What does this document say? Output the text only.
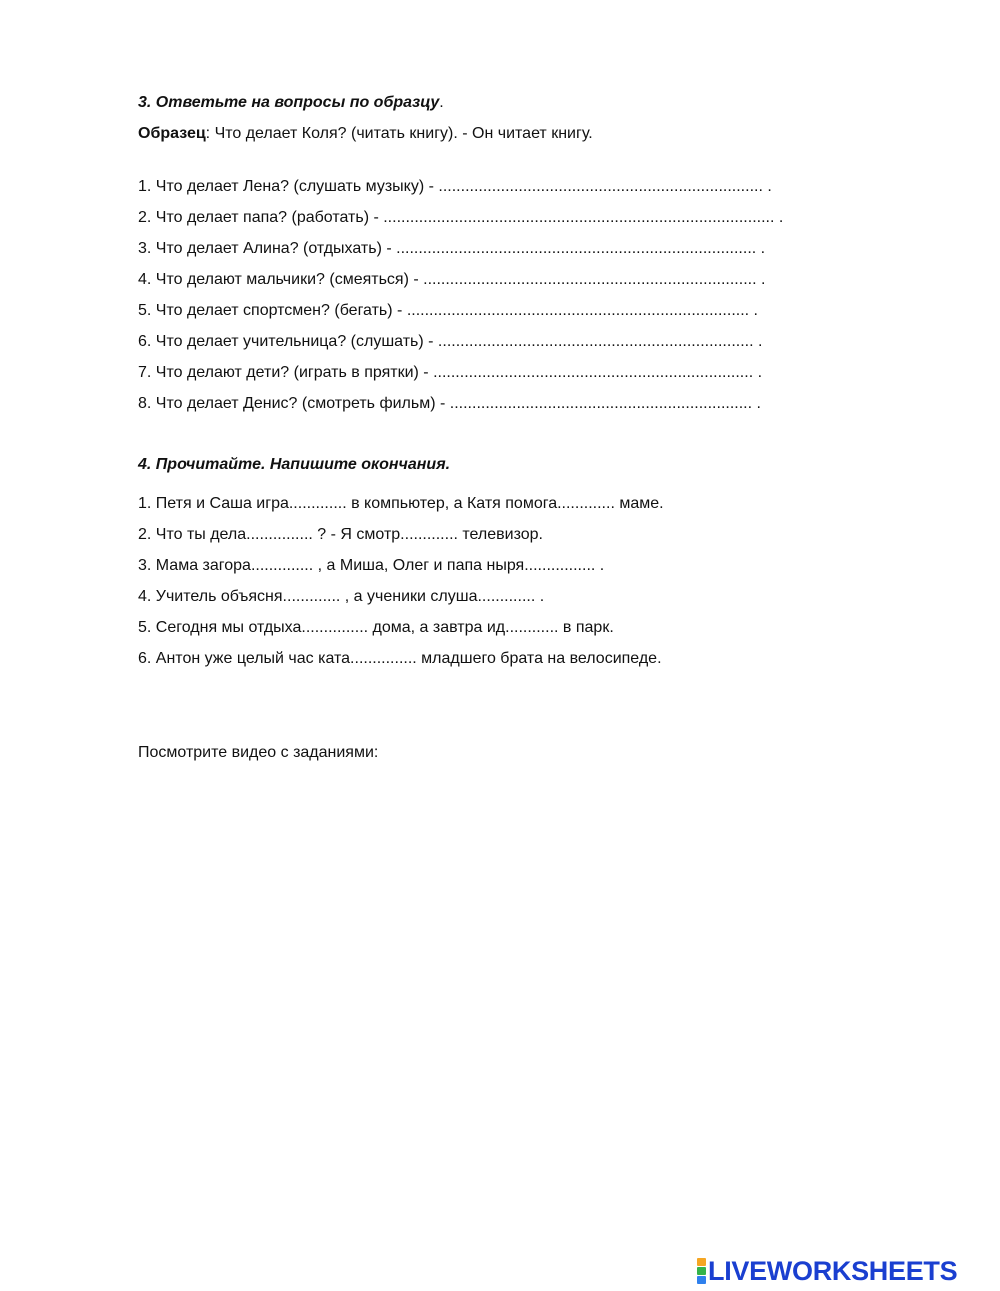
3. Ответьте на вопросы по образцу.
Образец: Что делает Коля? (читать книгу). - Он читает книгу.
1. Что делает Лена? (слушать музыку) - ......................................................................... .
2. Что делает папа? (работать) - ........................................................................................ .
3. Что делает Алина? (отдыхать) - ................................................................................. .
4. Что делают мальчики? (смеяться) - ........................................................................... .
5. Что делает спортсмен? (бегать) - ............................................................................. .
6. Что делает учительница? (слушать) - ....................................................................... .
7. Что делают дети? (играть в прятки) - ........................................................................ .
8. Что делает Денис? (смотреть фильм) - .................................................................... .
4. Прочитайте. Напишите окончания.
1. Петя и Саша игра............. в компьютер, а Катя помога............. маме.
2. Что ты дела............... ? - Я смотр............. телевизор.
3. Мама загора.............. , а Миша, Олег и папа ныря................ .
4. Учитель объясня............. , а ученики слуша............. .
5. Сегодня мы отдыха............... дома, а завтра ид............ в парк.
6. Антон уже целый час ката............... младшего брата на велосипеде.
Посмотрите видео с заданиями:
LIVEWORKSHEETS
